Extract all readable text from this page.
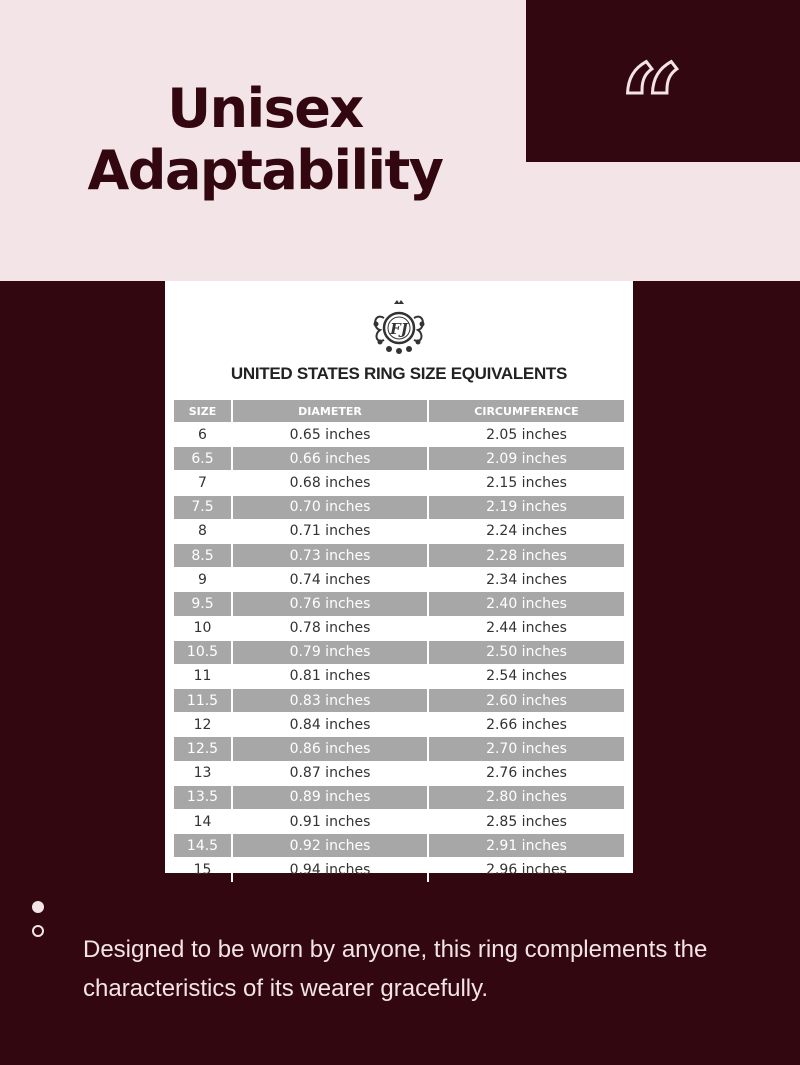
“
Unisex
Adaptability
FJ
UNITED STATES RING SIZE EQUIVALENTS
SIZE	DIAMETER	CIRCUMFERENCE
6	0.65 inches	2.05 inches
6.5	0.66 inches	2.09 inches
7	0.68 inches	2.15 inches
7.5	0.70 inches	2.19 inches
8	0.71 inches	2.24 inches
8.5	0.73 inches	2.28 inches
9	0.74 inches	2.34 inches
9.5	0.76 inches	2.40 inches
10	0.78 inches	2.44 inches
10.5	0.79 inches	2.50 inches
11	0.81 inches	2.54 inches
11.5	0.83 inches	2.60 inches
12	0.84 inches	2.66 inches
12.5	0.86 inches	2.70 inches
13	0.87 inches	2.76 inches
13.5	0.89 inches	2.80 inches
14	0.91 inches	2.85 inches
14.5	0.92 inches	2.91 inches
15	0.94 inches	2.96 inches

Designed to be worn by anyone, this ring complements the characteristics of its wearer gracefully.
